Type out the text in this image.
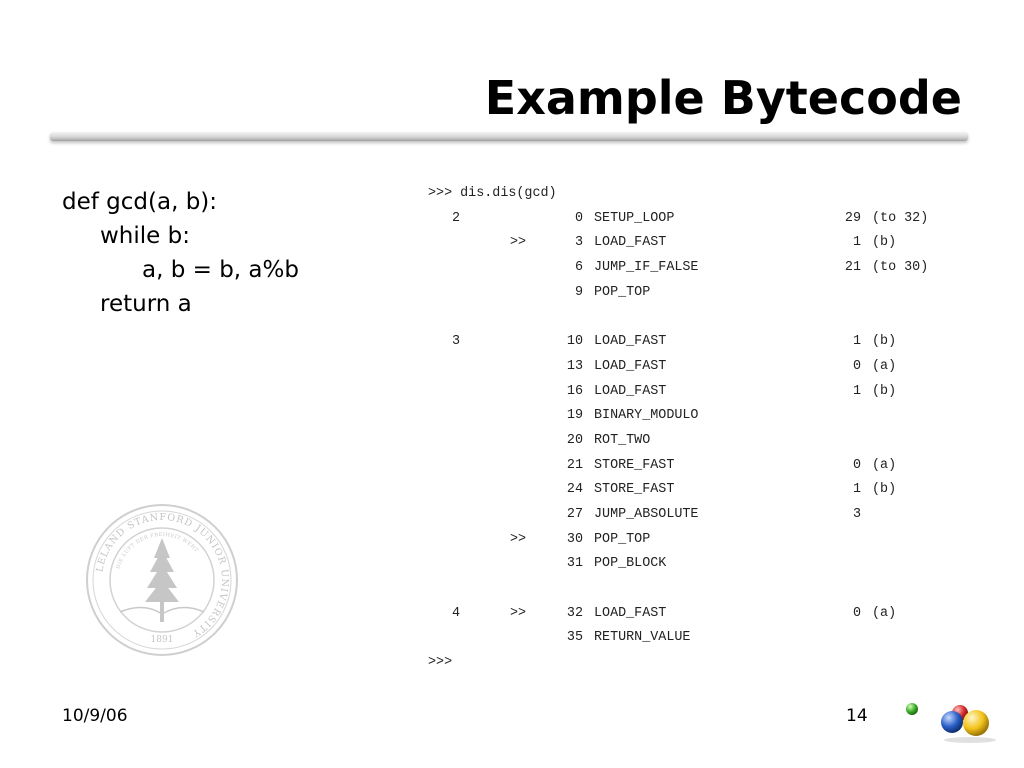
Example Bytecode
def gcd(a, b):
while b:
a, b = b, a%b
return a
>>> dis.dis(gcd)
2	0 SETUP_LOOP	29 (to 32)
>>	3 LOAD_FAST	1 (b)
6 JUMP_IF_FALSE	21 (to 30)
9 POP_TOP
3	10 LOAD_FAST	1 (b)
13 LOAD_FAST	0 (a)
16 LOAD_FAST	1 (b)
19 BINARY_MODULO
20 ROT_TWO
21 STORE_FAST	0 (a)
24 STORE_FAST	1 (b)
27 JUMP_ABSOLUTE	3
>>	30 POP_TOP
31 POP_BLOCK
4	>>	32 LOAD_FAST	0 (a)
35 RETURN_VALUE
>>>
LELAND STANFORD JUNIOR UNIVERSITY
DIE LUFT DER FREIHEIT WEHT
1891
10/9/06	14
